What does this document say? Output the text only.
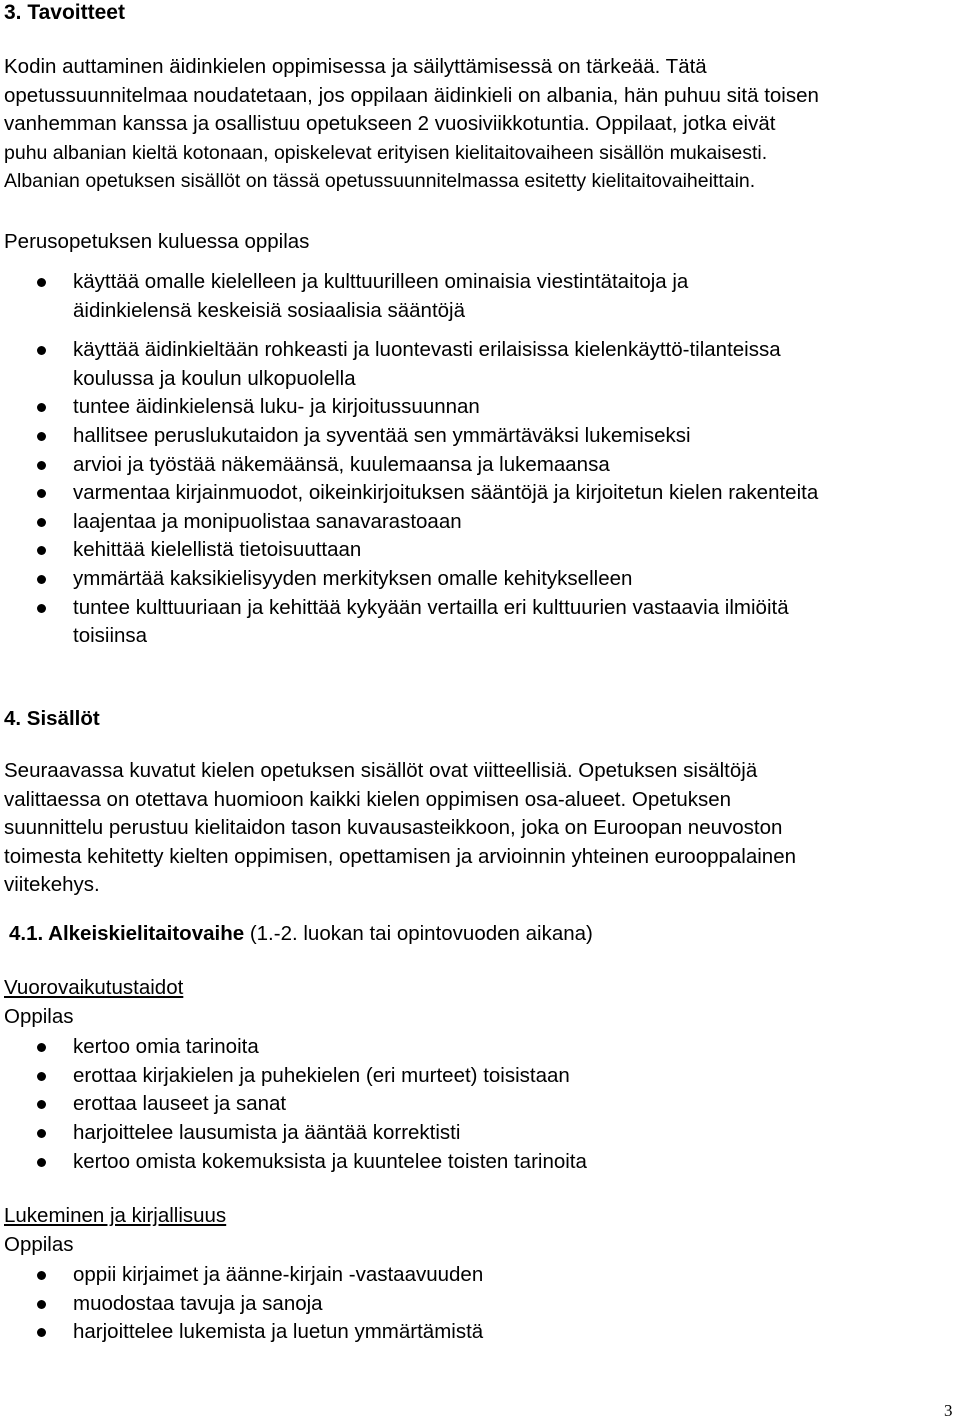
3. Tavoitteet
Kodin auttaminen äidinkielen oppimisessa ja säilyttämisessä on tärkeää. Tätä
opetussuunnitelmaa noudatetaan, jos oppilaan äidinkieli on albania, hän puhuu sitä toisen
vanhemman kanssa ja osallistuu opetukseen 2 vuosiviikkotuntia. Oppilaat, jotka eivät
puhu albanian kieltä kotonaan, opiskelevat erityisen kielitaitovaiheen sisällön mukaisesti.
Albanian opetuksen sisällöt on tässä opetussuunnitelmassa esitetty kielitaitovaiheittain.
Perusopetuksen kuluessa oppilas
käyttää omalle kielelleen ja kulttuurilleen ominaisia viestintätaitoja ja
äidinkielensä keskeisiä sosiaalisia sääntöjä
käyttää äidinkieltään rohkeasti ja luontevasti erilaisissa kielenkäyttö-tilanteissa
koulussa ja koulun ulkopuolella
tuntee äidinkielensä luku- ja kirjoitussuunnan
hallitsee peruslukutaidon ja syventää sen ymmärtäväksi lukemiseksi
arvioi ja työstää näkemäänsä, kuulemaansa ja lukemaansa
varmentaa kirjainmuodot, oikeinkirjoituksen sääntöjä ja kirjoitetun kielen rakenteita
laajentaa ja monipuolistaa sanavarastoaan
kehittää kielellistä tietoisuuttaan
ymmärtää kaksikielisyyden merkityksen omalle kehitykselleen
tuntee kulttuuriaan ja kehittää kykyään vertailla eri kulttuurien vastaavia ilmiöitä
toisiinsa
4. Sisällöt
Seuraavassa kuvatut kielen opetuksen sisällöt ovat viitteellisiä. Opetuksen sisältöjä
valittaessa on otettava huomioon kaikki kielen oppimisen osa-alueet. Opetuksen
suunnittelu perustuu kielitaidon tason kuvausasteikkoon, joka on Euroopan neuvoston
toimesta kehitetty kielten oppimisen, opettamisen ja arvioinnin yhteinen eurooppalainen
viitekehys.
4.1. Alkeiskielitaitovaihe (1.-2. luokan tai opintovuoden aikana)
Vuorovaikutustaidot
Oppilas
kertoo omia tarinoita
erottaa kirjakielen ja puhekielen (eri murteet) toisistaan
erottaa lauseet ja sanat
harjoittelee lausumista ja ääntää korrektisti
kertoo omista kokemuksista ja kuuntelee toisten tarinoita
Lukeminen ja kirjallisuus
Oppilas
oppii kirjaimet ja äänne-kirjain -vastaavuuden
muodostaa tavuja ja sanoja
harjoittelee lukemista ja luetun ymmärtämistä
3
